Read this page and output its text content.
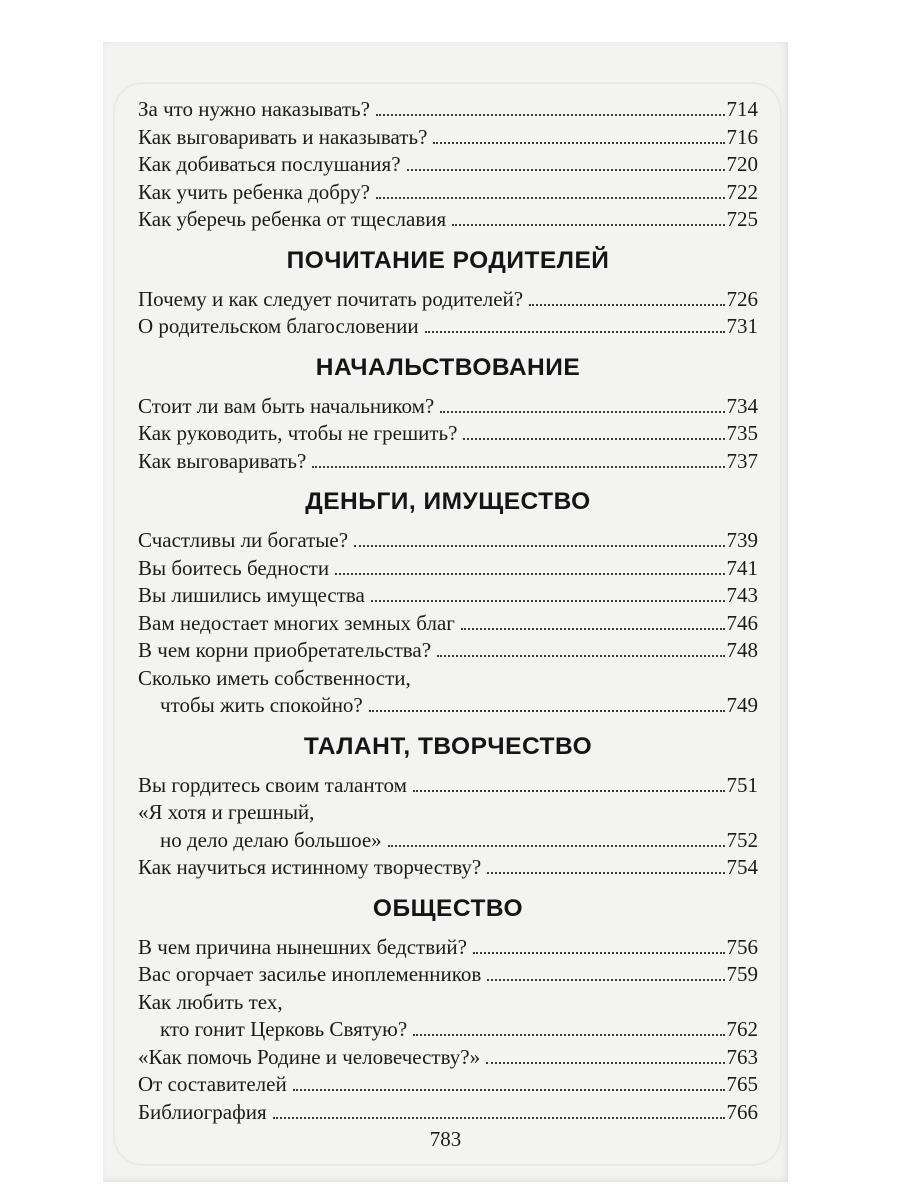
За что нужно наказывать?	714
Как выговаривать и наказывать?	716
Как добиваться послушания?	720
Как учить ребенка добру?	722
Как уберечь ребенка от тщеславия	725
ПОЧИТАНИЕ РОДИТЕЛЕЙ
Почему и как следует почитать родителей?	726
О родительском благословении	731
НАЧАЛЬСТВОВАНИЕ
Стоит ли вам быть начальником?	734
Как руководить, чтобы не грешить?	735
Как выговаривать?	737
ДЕНЬГИ, ИМУЩЕСТВО
Счастливы ли богатые?	739
Вы боитесь бедности	741
Вы лишились имущества	743
Вам недостает многих земных благ	746
В чем корни приобретательства?	748
Сколько иметь собственности,
чтобы жить спокойно?	749
ТАЛАНТ, ТВОРЧЕСТВО
Вы гордитесь своим талантом	751
«Я хотя и грешный,
но дело делаю большое»	752
Как научиться истинному творчеству?	754
ОБЩЕСТВО
В чем причина нынешних бедствий?	756
Вас огорчает засилье иноплеменников	759
Как любить тех,
кто гонит Церковь Святую?	762
«Как помочь Родине и человечеству?»	763
От составителей	765
Библиография	766
783
